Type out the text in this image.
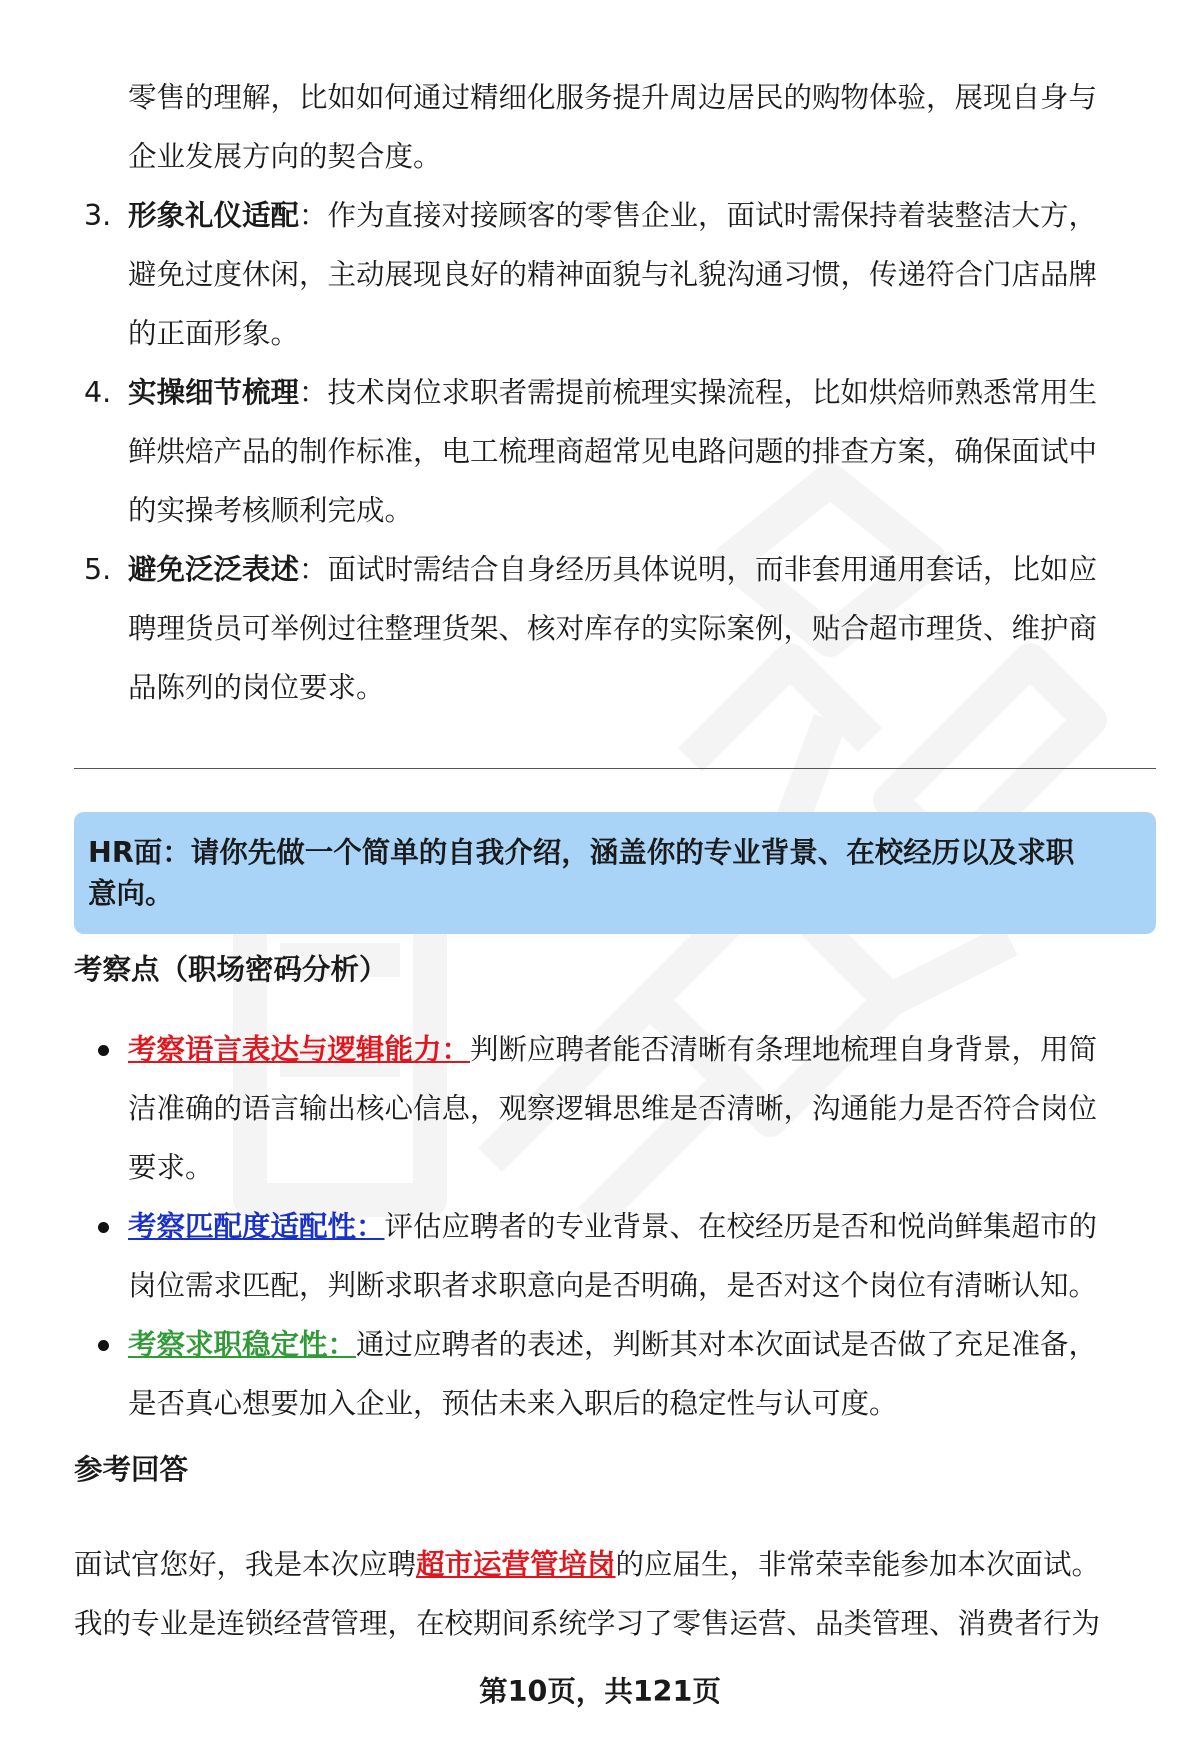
零售的理解，比如如何通过精细化服务提升周边居民的购物体验，展现自身与
企业发展方向的契合度。
3. 形象礼仪适配：作为直接对接顾客的零售企业，面试时需保持着装整洁大方，
避免过度休闲，主动展现良好的精神面貌与礼貌沟通习惯，传递符合门店品牌
的正面形象。
4. 实操细节梳理：技术岗位求职者需提前梳理实操流程，比如烘焙师熟悉常用生
鲜烘焙产品的制作标准，电工梳理商超常见电路问题的排查方案，确保面试中
的实操考核顺利完成。
5. 避免泛泛表述：面试时需结合自身经历具体说明，而非套用通用套话，比如应
聘理货员可举例过往整理货架、核对库存的实际案例，贴合超市理货、维护商
品陈列的岗位要求。
HR面：请你先做一个简单的自我介绍，涵盖你的专业背景、在校经历以及求职
意向。
考察点（职场密码分析）
考察语言表达与逻辑能力：判断应聘者能否清晰有条理地梳理自身背景，用简
洁准确的语言输出核心信息，观察逻辑思维是否清晰，沟通能力是否符合岗位
要求。
考察匹配度适配性：评估应聘者的专业背景、在校经历是否和悦尚鲜集超市的
岗位需求匹配，判断求职者求职意向是否明确，是否对这个岗位有清晰认知。
考察求职稳定性：通过应聘者的表述，判断其对本次面试是否做了充足准备，
是否真心想要加入企业，预估未来入职后的稳定性与认可度。
参考回答
面试官您好，我是本次应聘超市运营管培岗的应届生，非常荣幸能参加本次面试。
我的专业是连锁经营管理，在校期间系统学习了零售运营、品类管理、消费者行为
第10页，共121页
